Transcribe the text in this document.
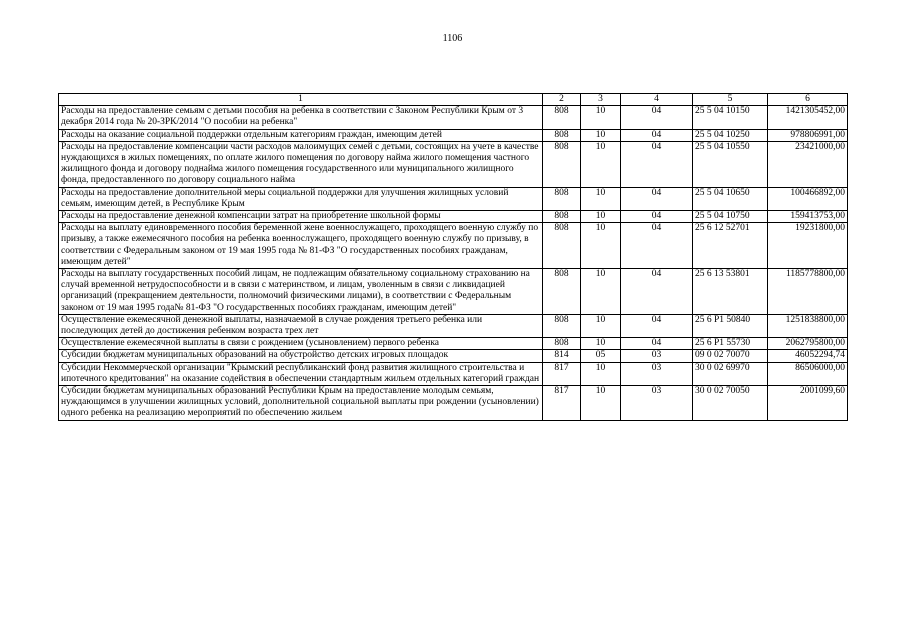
1106
1	2	3	4	5	6
Расходы на предоставление семьям с детьми пособия на ребенка в соответствии с Законом Республики Крым от 3 декабря 2014 года № 20-ЗРК/2014 "О пособии на ребенка"	808	10	04	25 5 04 10150	1421305452,00
Расходы на оказание социальной поддержки отдельным категориям граждан, имеющим детей	808	10	04	25 5 04 10250	978806991,00
Расходы на предоставление компенсации части расходов малоимущих семей с детьми, состоящих на учете в качестве нуждающихся в жилых помещениях, по оплате жилого помещения по договору найма жилого помещения частного жилищного фонда и договору поднайма жилого помещения государственного или муниципального жилищного фонда, предоставленного по договору социального найма	808	10	04	25 5 04 10550	23421000,00
Расходы на предоставление дополнительной меры социальной поддержки для улучшения жилищных условий семьям, имеющим детей, в Республике Крым	808	10	04	25 5 04 10650	100466892,00
Расходы на предоставление денежной компенсации затрат на приобретение школьной формы	808	10	04	25 5 04 10750	159413753,00
Расходы на выплату единовременного пособия беременной жене военнослужащего, проходящего военную службу по призыву, а также ежемесячного пособия на ребенка военнослужащего, проходящего военную службу по призыву, в соответствии с Федеральным законом от 19 мая 1995 года № 81-ФЗ "О государственных пособиях гражданам, имеющим детей"	808	10	04	25 6 12 52701	19231800,00
Расходы на выплату государственных пособий лицам, не подлежащим обязательному социальному страхованию на случай временной нетрудоспособности и в связи с материнством, и лицам, уволенным в связи с ликвидацией организаций (прекращением деятельности, полномочий физическими лицами), в соответствии с Федеральным законом от 19 мая 1995 года№ 81-ФЗ "О государственных пособиях гражданам, имеющим детей"	808	10	04	25 6 13 53801	1185778800,00
Осуществление ежемесячной денежной выплаты, назначаемой в случае рождения третьего ребенка или последующих детей до достижения ребенком возраста трех лет	808	10	04	25 6 P1 50840	1251838800,00
Осуществление ежемесячной выплаты в связи с рождением (усыновлением) первого ребенка	808	10	04	25 6 P1 55730	2062795800,00
Субсидии бюджетам муниципальных образований на обустройство детских игровых площадок	814	05	03	09 0 02 70070	46052294,74
Субсидии Некоммерческой организации "Крымский республиканский фонд развития жилищного строительства и ипотечного кредитования" на оказание содействия в обеспечении стандартным жильем отдельных категорий граждан	817	10	03	30 0 02 69970	86506000,00
Субсидии бюджетам муниципальных образований Республики Крым на предоставление молодым семьям, нуждающимся в улучшении жилищных условий, дополнительной социальной выплаты при рождении (усыновлении) одного ребенка на реализацию мероприятий по обеспечению жильем	817	10	03	30 0 02 70050	2001099,60
